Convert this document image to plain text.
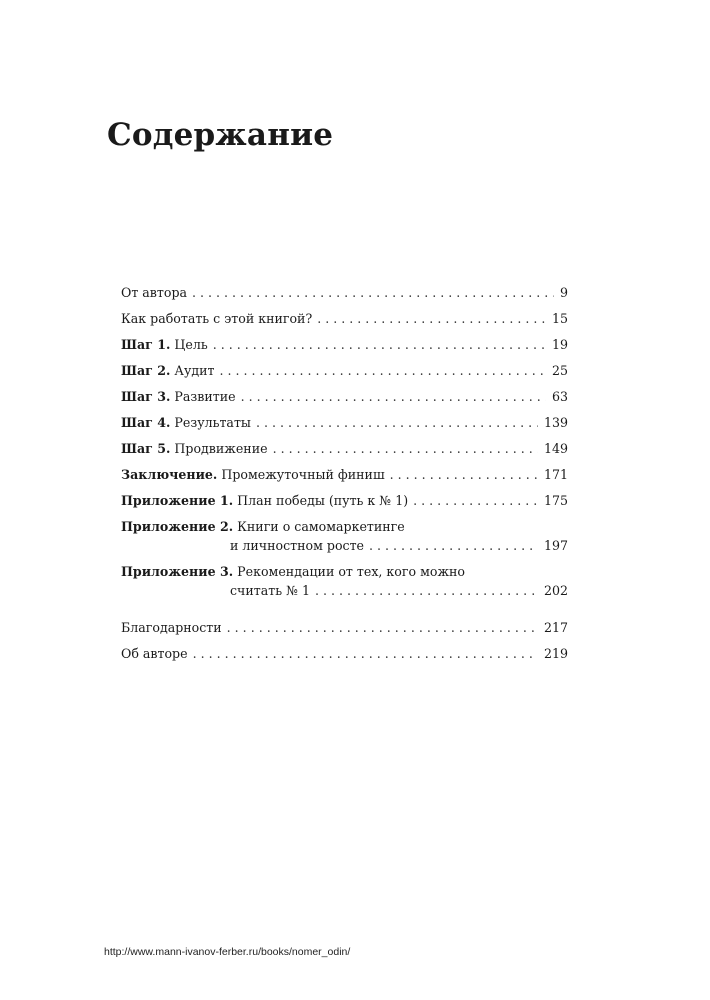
Содержание
От автора . . .	9
Как работать с этой книгой? . . .	15
Шаг 1. Цель . . .	19
Шаг 2. Аудит . . .	25
Шаг 3. Развитие . . .	63
Шаг 4. Результаты . . .	139
Шаг 5. Продвижение . . .	149
Заключение. Промежуточный финиш . . .	171
Приложение 1. План победы (путь к № 1) . . .	175
Приложение 2. Книги о самомаркетинге
и личностном росте . . .	197
Приложение 3. Рекомендации от тех, кого можно
считать № 1 . . .	202
Благодарности . . .	217
Об авторе . . .	219
http://www.mann-ivanov-ferber.ru/books/nomer_odin/
